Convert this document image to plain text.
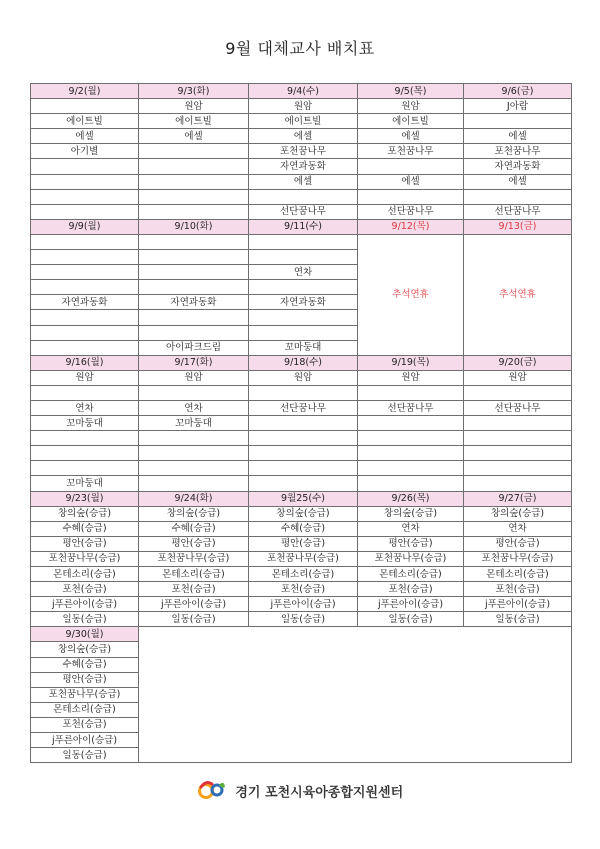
9월 대체교사 배치표
9/2(월)	9/3(화)	9/4(수)	9/5(목)	9/6(금)
	원암	원암	원암	J아람
에이트빌	에이트빌	에이트빌	에이트빌	
에셀	에셀	에셀	에셀	에셀
아기별		포천꿈나무	포천꿈나무	포천꿈나무
		자연과동화		자연과동화
		에셀	에셀	에셀

		선단꿈나무	선단꿈나무	선단꿈나무
9/9(월)	9/10(화)	9/11(수)	9/12(목)	9/13(금)
			추석연휴	추석연휴

		연차		

자연과동화	자연과동화	자연과동화		

	아이파크드림	꼬마둥대		
9/16(월)	9/17(화)	9/18(수)	9/19(목)	9/20(금)
원암	원암	원암	원암	원암

연차	연차	선단꿈나무	선단꿈나무	선단꿈나무
꼬마둥대	꼬마둥대			

꼬마둥대				
9/23(월)	9/24(화)	9월25(수)	9/26(목)	9/27(금)
창의숲(승급)	창의숲(승급)	창의숲(승급)	창의숲(승급)	창의숲(승급)
수혜(승급)	수혜(승급)	수혜(승급)	연차	연차
평안(승급)	평안(승급)	평안(승급)	평안(승급)	평안(승급)
포천꿈나무(승급)	포천꿈나무(승급)	포천꿈나무(승급)	포천꿈나무(승급)	포천꿈나무(승급)
몬테소리(승급)	몬테소리(승급)	몬테소리(승급)	몬테소리(승급)	몬테소리(승급)
포천(승급)	포천(승급)	포천(승급)	포천(승급)	포천(승급)
j푸른아이(승급)	j푸른아이(승급)	j푸른아이(승급)	j푸른아이(승급)	j푸른아이(승급)
일동(승급)	일동(승급)	일동(승급)	일동(승급)	일동(승급)
9/30(월)				
창의숲(승급)				
수혜(승급)				
평안(승급)				
포천꿈나무(승급)				
몬테소리(승급)				
포천(승급)				
j푸른아이(승급)				
일동(승급)				
경기 포천시육아종합지원센터
